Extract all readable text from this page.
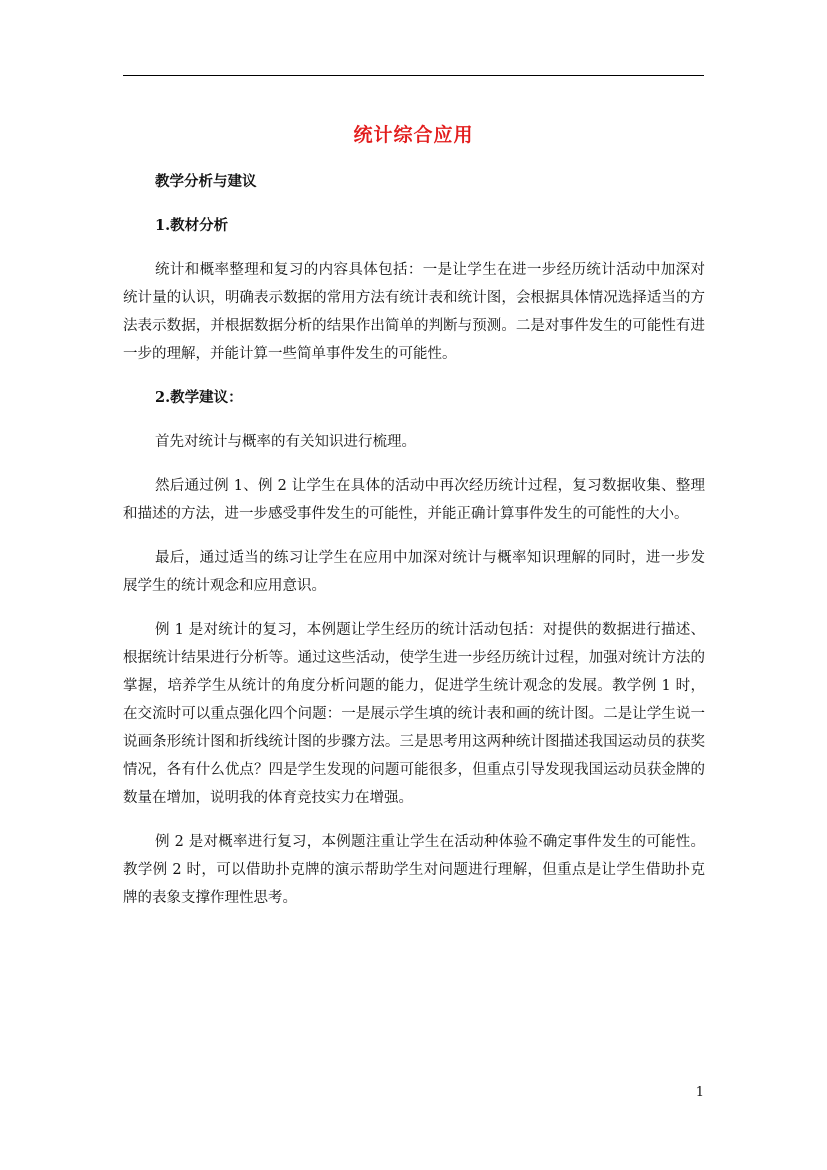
统计综合应用
教学分析与建议
1.教材分析

统计和概率整理和复习的内容具体包括：一是让学生在进一步经历统计活动中加深对统计量的认识，明确表示数据的常用方法有统计表和统计图，会根据具体情况选择适当的方法表示数据，并根据数据分析的结果作出简单的判断与预测。二是对事件发生的可能性有进一步的理解，并能计算一些简单事件发生的可能性。

2.教学建议：

首先对统计与概率的有关知识进行梳理。

然后通过例 1、例 2 让学生在具体的活动中再次经历统计过程，复习数据收集、整理和描述的方法，进一步感受事件发生的可能性，并能正确计算事件发生的可能性的大小。

最后，通过适当的练习让学生在应用中加深对统计与概率知识理解的同时，进一步发展学生的统计观念和应用意识。

例 1 是对统计的复习，本例题让学生经历的统计活动包括：对提供的数据进行描述、根据统计结果进行分析等。通过这些活动，使学生进一步经历统计过程，加强对统计方法的掌握，培养学生从统计的角度分析问题的能力，促进学生统计观念的发展。教学例 1 时，在交流时可以重点强化四个问题：一是展示学生填的统计表和画的统计图。二是让学生说一说画条形统计图和折线统计图的步骤方法。三是思考用这两种统计图描述我国运动员的获奖情况，各有什么优点？四是学生发现的问题可能很多，但重点引导发现我国运动员获金牌的数量在增加，说明我的体育竞技实力在增强。

例 2 是对概率进行复习，本例题注重让学生在活动种体验不确定事件发生的可能性。教学例 2 时，可以借助扑克牌的演示帮助学生对问题进行理解，但重点是让学生借助扑克牌的表象支撑作理性思考。

1
